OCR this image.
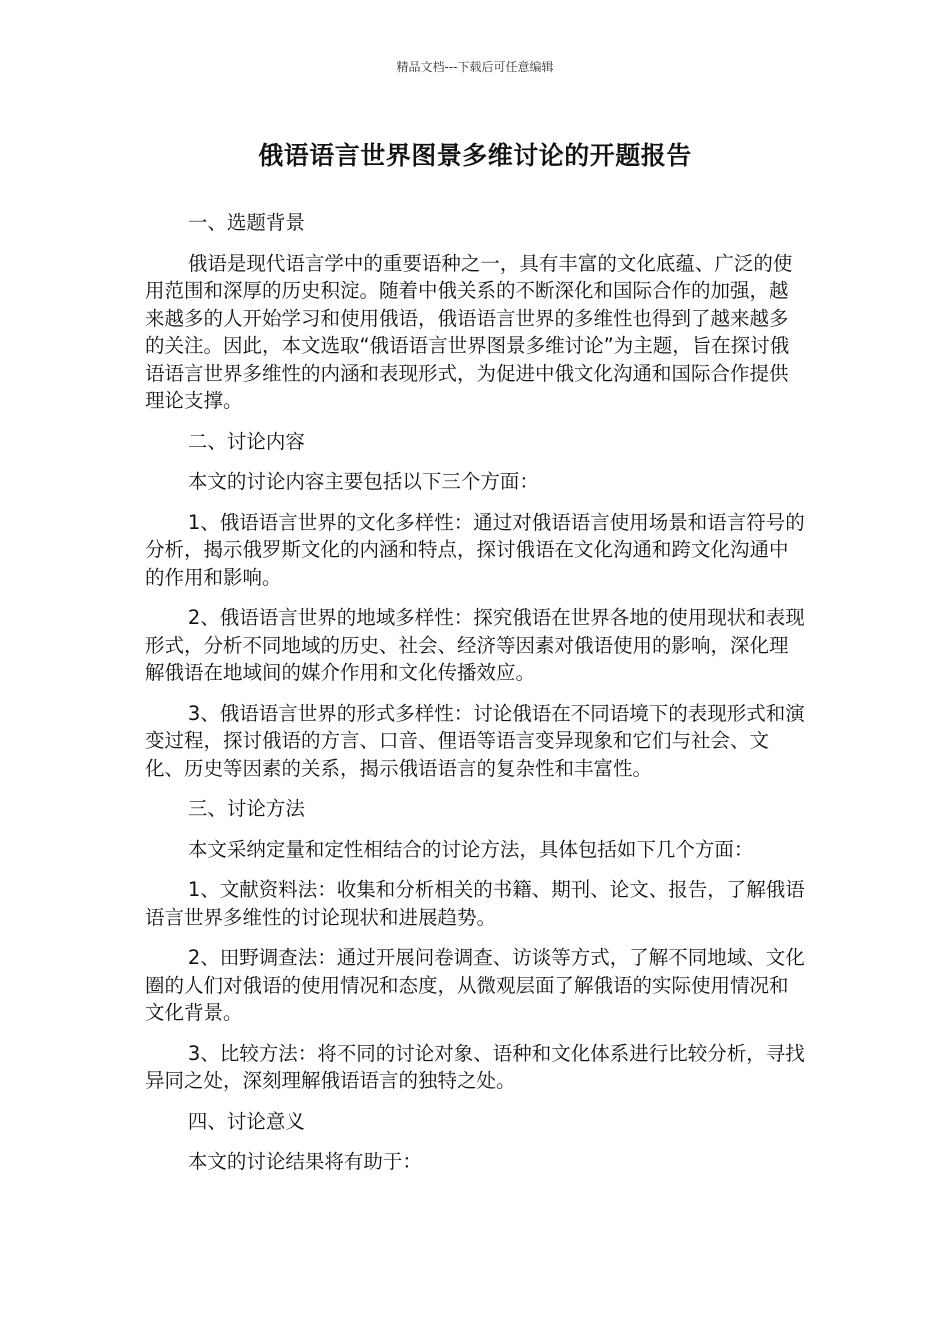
精品文档---下载后可任意编辑
俄语语言世界图景多维讨论的开题报告

一、选题背景

俄语是现代语言学中的重要语种之一，具有丰富的文化底蕴、广泛的使用范围和深厚的历史积淀。随着中俄关系的不断深化和国际合作的加强，越来越多的人开始学习和使用俄语，俄语语言世界的多维性也得到了越来越多的关注。因此，本文选取“俄语语言世界图景多维讨论”为主题，旨在探讨俄语语言世界多维性的内涵和表现形式，为促进中俄文化沟通和国际合作提供理论支撑。

二、讨论内容

本文的讨论内容主要包括以下三个方面：

1、俄语语言世界的文化多样性：通过对俄语语言使用场景和语言符号的分析，揭示俄罗斯文化的内涵和特点，探讨俄语在文化沟通和跨文化沟通中的作用和影响。

2、俄语语言世界的地域多样性：探究俄语在世界各地的使用现状和表现形式，分析不同地域的历史、社会、经济等因素对俄语使用的影响，深化理解俄语在地域间的媒介作用和文化传播效应。

3、俄语语言世界的形式多样性：讨论俄语在不同语境下的表现形式和演变过程，探讨俄语的方言、口音、俚语等语言变异现象和它们与社会、文化、历史等因素的关系，揭示俄语语言的复杂性和丰富性。

三、讨论方法

本文采纳定量和定性相结合的讨论方法，具体包括如下几个方面：

1、文献资料法：收集和分析相关的书籍、期刊、论文、报告，了解俄语语言世界多维性的讨论现状和进展趋势。

2、田野调查法：通过开展问卷调查、访谈等方式，了解不同地域、文化圈的人们对俄语的使用情况和态度，从微观层面了解俄语的实际使用情况和文化背景。

3、比较方法：将不同的讨论对象、语种和文化体系进行比较分析，寻找异同之处，深刻理解俄语语言的独特之处。

四、讨论意义

本文的讨论结果将有助于：
